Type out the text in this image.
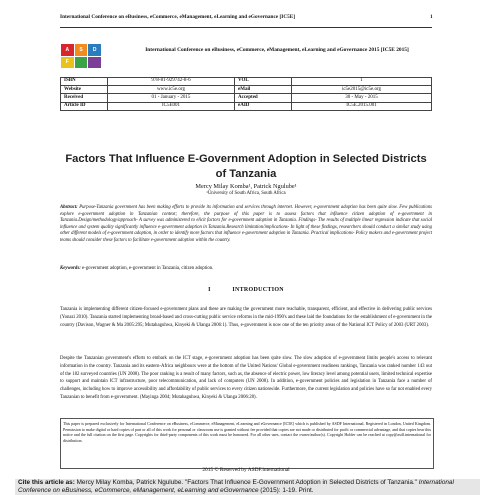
International Conference on eBusiness, eCommerce, eManagement, eLearning and eGovernance [IC5E]	1
A	S	D
F
International Conference on eBusiness, eCommerce, eManagement, eLearning and eGovernance 2015 [IC5E 2015]
ISBN	978-81-929742-8-6	VOL	1
Website	www.ic5e.org	eMail	ic5e2015@ic5e.org
Received	01 - January - 2015	Accepted	30 - May - 2015
Article ID	IC5E001	eAID	IC5E.2015.001
Factors That Influence E-Government Adoption in Selected Districts of Tanzania
Mercy Milay Komba¹, Patrick Ngulube¹
¹University of South Africa, South Africa
Abstract: Purpose-Tanzania government has been making efforts to provide its information and services through internet. However, e-government adoption has been quite slow. Few publications explore e-government adoption in Tanzanian context; therefore, the purpose of this paper is to assess factors that influence citizen adoption of e-government in Tanzania.Design/methodology/approach- A survey was administered to elicit factors for e-government adoption in Tanzania. Findings- The results of multiple linear regression indicate that social influence and system quality significantly influence e-government adoption in Tanzania.Research limitation/implications- In light of these findings, researchers should conduct a similar study using other different models of e-government adoption, in order to identify more factors that influence e-government adoption in Tanzania. Practical implications- Policy makers and e-government project teams should consider these factors to facilitate e-government adoption within the country.
Keywords: e-government adoption, e-government in Tanzania, citizen adoption.
I	INTRODUCTION
Tanzania is implementing different citizen-focused e-government plans and these are making the government more reachable, transparent, efficient, and effective in delivering public services (Yonazi 2010). Tanzania started implementing broad-based and cross-cutting public service reforms in the mid-1990's and these laid the foundations for the establishment of e-government in the country (Davison, Wagner & Ma 2005:295; Mutahaguhwa, Kinyeki & Ulanga 2006:1). Thus, e-government is now one of the ten priority areas of the National ICT Policy of 2003 (URT 2003).
Despite the Tanzanian government's efforts to embark on the ICT stage, e-government adoption has been quite slow. The slow adoption of e-government limits people's access to relevant information in the country. Tanzania and its eastern-Africa neighbours were at the bottom of the United Nations' Global e-government readiness rankings, Tanzania was ranked number 143 out of the 182 surveyed countries (UN 2008). The poor ranking is a result of many factors, such as, the absence of electric power, low literacy level among potential users, limited technical expertise to support and maintain ICT infrastructure, poor telecommunication, and lack of computers (UN 2008). In addition, e-government policies and legislation in Tanzania face a number of challenges, including how to improve accessibility and affordability of public services to every citizen nationwide. Furthermore, the current legislation and policies have so far not enabled every Tanzanian to benefit from e-government. (Mayinga 2004; Mutahaguhwa, Kinyeki & Ulanga 2006:28).
This paper is prepared exclusively for International Conference on eBusiness, eCommerce, eManagement, eLearning and eGovernance [IC5E] which is published by ASDF International, Registered in London, United Kingdom. Permission to make digital or hard copies of part or all of this work for personal or classroom use is granted without fee provided that copies are not made or distributed for profit or commercial advantage, and that copies bear this notice and the full citation on the first page. Copyrights for third-party components of this work must be honoured. For all other uses, contact the owner/author(s). Copyright Holder can be reached at copy@asdf.international for distribution.
2015 © Reserved by ASDF.international
Cite this article as: Mercy Milay Komba, Patrick Ngulube. "Factors That Influence E-Government Adoption in Selected Districts of Tanzania." International Conference on eBusiness, eCommerce, eManagement, eLearning and eGovernance (2015): 1-19. Print.
